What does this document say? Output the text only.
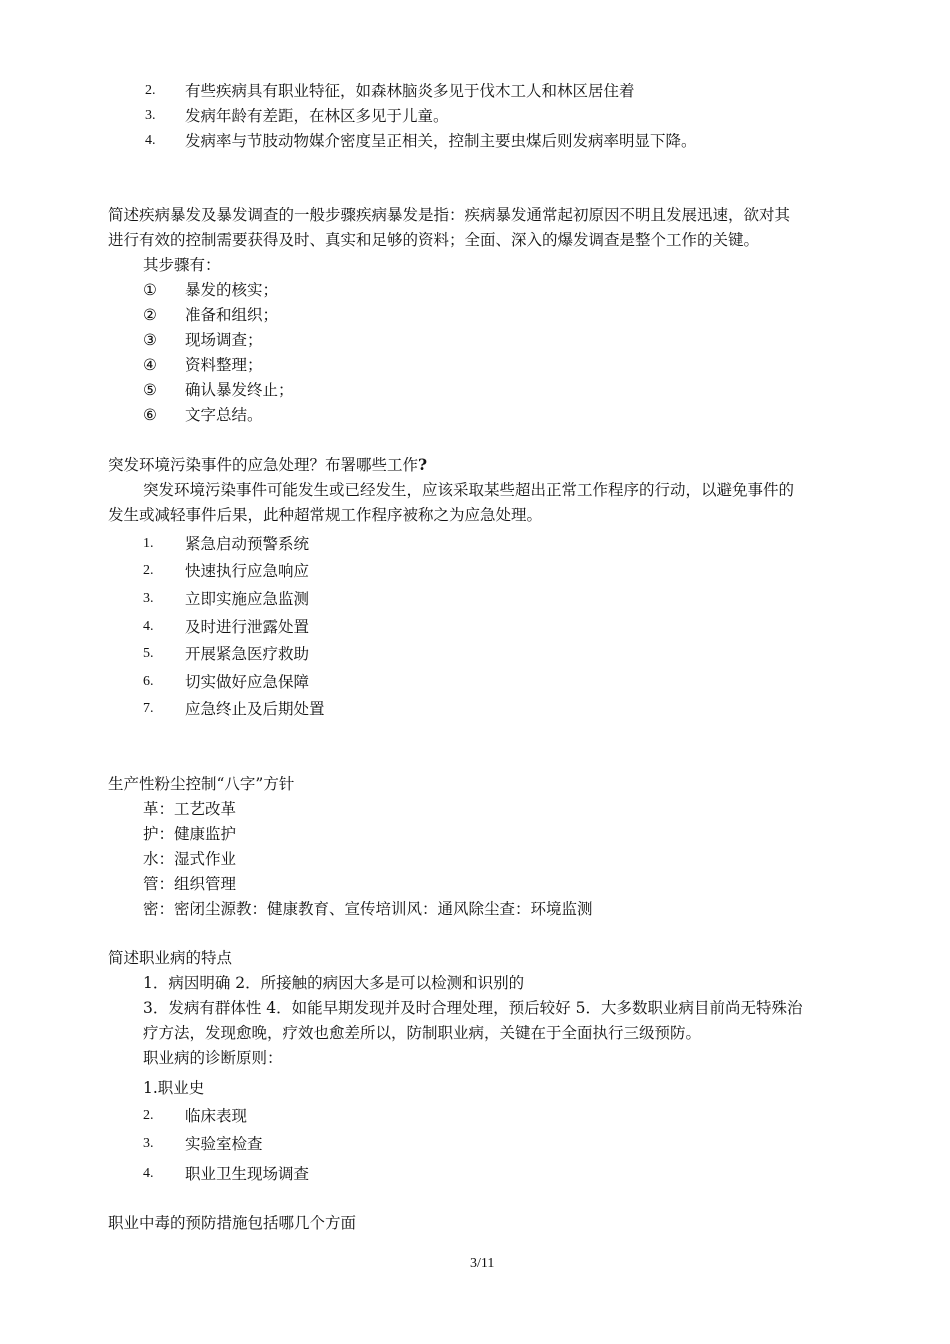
2. 有些疾病具有职业特征，如森林脑炎多见于伐木工人和林区居住着
3. 发病年龄有差距，在林区多见于儿童。
4. 发病率与节肢动物媒介密度呈正相关，控制主要虫煤后则发病率明显下降。
简述疾病暴发及暴发调查的一般步骤疾病暴发是指：疾病暴发通常起初原因不明且发展迅速，欲对其
进行有效的控制需要获得及时、真实和足够的资料；全面、深入的爆发调查是整个工作的关键。
其步骤有：
① 暴发的核实；
② 准备和组织；
③ 现场调查；
④ 资料整理；
⑤ 确认暴发终止；
⑥ 文字总结。
突发环境污染事件的应急处理？布署哪些工作?
突发环境污染事件可能发生或已经发生，应该采取某些超出正常工作程序的行动，以避免事件的
发生或减轻事件后果，此种超常规工作程序被称之为应急处理。
1. 紧急启动预警系统
2. 快速执行应急响应
3. 立即实施应急监测
4. 及时进行泄露处置
5. 开展紧急医疗救助
6. 切实做好应急保障
7. 应急终止及后期处置
生产性粉尘控制“八字”方针
革：工艺改革
护：健康监护
水：湿式作业
管：组织管理
密：密闭尘源教：健康教育、宣传培训风：通风除尘查：环境监测
简述职业病的特点
1．病因明确 2．所接触的病因大多是可以检测和识别的
3．发病有群体性 4．如能早期发现并及时合理处理，预后较好 5．大多数职业病目前尚无特殊治
疗方法，发现愈晚，疗效也愈差所以，防制职业病，关键在于全面执行三级预防。
职业病的诊断原则：
1.职业史
2. 临床表现
3. 实验室检查
4. 职业卫生现场调查
职业中毒的预防措施包括哪几个方面
3/11
